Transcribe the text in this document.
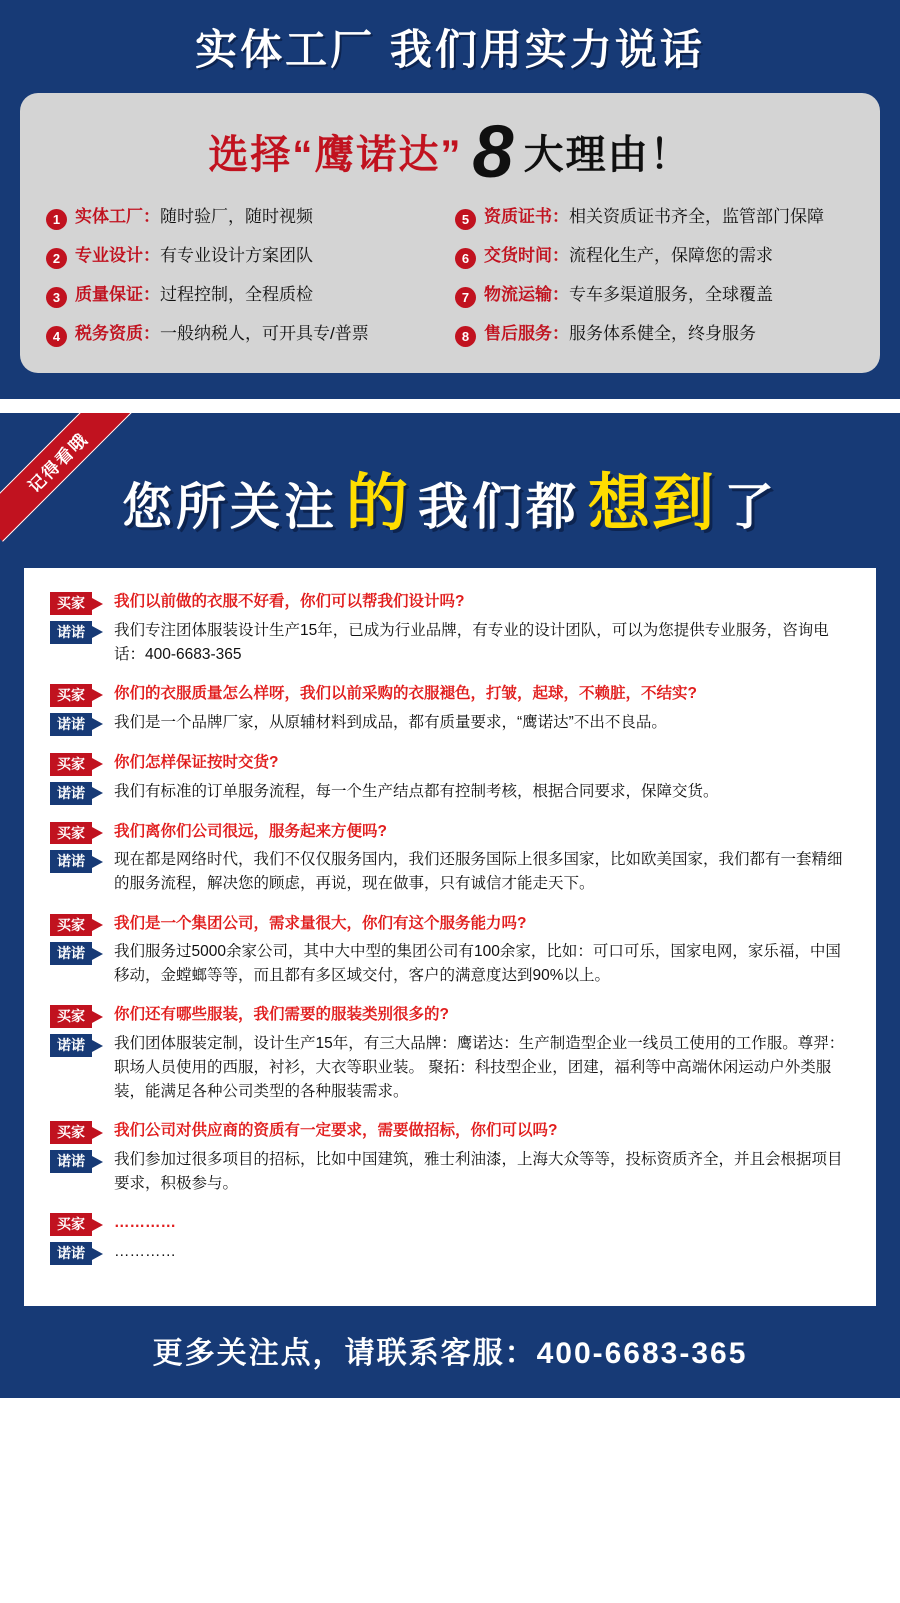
实体工厂 我们用实力说话
选择“鹰诺达” 8 大理由！
1 实体工厂：随时验厂，随时视频	5 资质证书：相关资质证书齐全，监管部门保障
2 专业设计：有专业设计方案团队	6 交货时间：流程化生产，保障您的需求
3 质量保证：过程控制，全程质检	7 物流运输：专车多渠道服务，全球覆盖
4 税务资质：一般纳税人，可开具专/普票	8 售后服务：服务体系健全，终身服务
记得看哦
您所关注 的 我们都 想到 了
买家	我们以前做的衣服不好看，你们可以帮我们设计吗?
诺诺	我们专注团体服装设计生产15年，已成为行业品牌，有专业的设计团队，可以为您提供专业服务，咨询电话：400-6683-365
买家	你们的衣服质量怎么样呀，我们以前采购的衣服褪色，打皱，起球，不赖脏，不结实?
诺诺	我们是一个品牌厂家，从原辅材料到成品，都有质量要求，“鹰诺达”不出不良品。
买家	你们怎样保证按时交货?
诺诺	我们有标准的订单服务流程，每一个生产结点都有控制考核，根据合同要求，保障交货。
买家	我们离你们公司很远，服务起来方便吗?
诺诺	现在都是网络时代，我们不仅仅服务国内，我们还服务国际上很多国家，比如欧美国家，我们都有一套精细的服务流程，解决您的顾虑，再说，现在做事，只有诚信才能走天下。
买家	我们是一个集团公司，需求量很大，你们有这个服务能力吗?
诺诺	我们服务过5000余家公司，其中大中型的集团公司有100余家，比如：可口可乐，国家电网，家乐福，中国移动，金螳螂等等，而且都有多区域交付，客户的满意度达到90%以上。
买家	你们还有哪些服装，我们需要的服装类别很多的?
诺诺	我们团体服装定制，设计生产15年，有三大品牌：鹰诺达：生产制造型企业一线员工使用的工作服。尊羿：职场人员使用的西服，衬衫，大衣等职业装。 聚拓：科技型企业，团建，福利等中高端休闲运动户外类服装，能满足各种公司类型的各种服装需求。
买家	我们公司对供应商的资质有一定要求，需要做招标，你们可以吗?
诺诺	我们参加过很多项目的招标，比如中国建筑，雅士利油漆，上海大众等等，投标资质齐全，并且会根据项目要求，积极参与。
买家	…………
诺诺	…………
更多关注点，请联系客服：400-6683-365
